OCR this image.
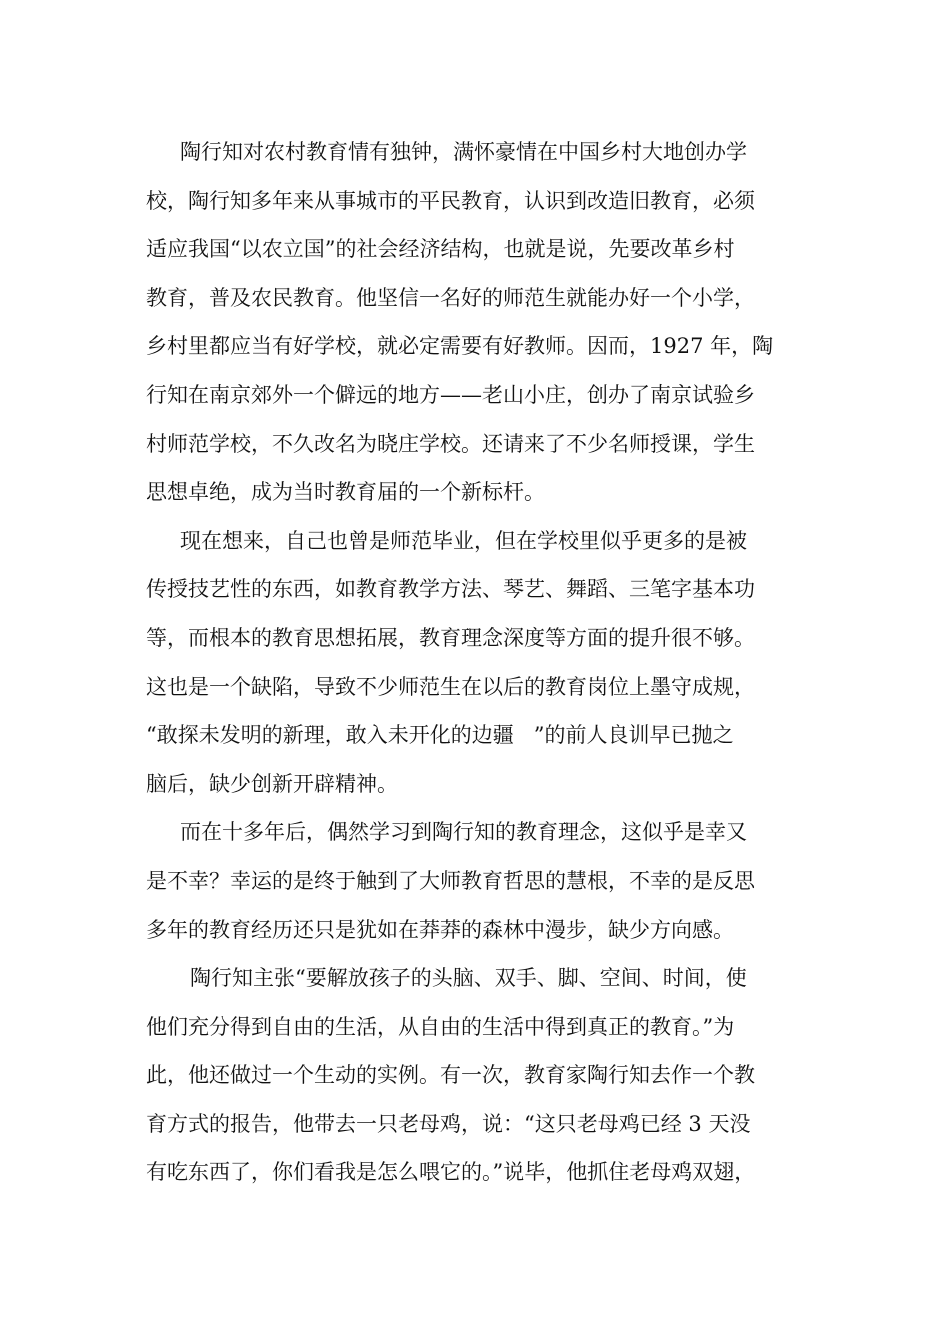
陶行知对农村教育情有独钟，满怀豪情在中国乡村大地创办学

校，陶行知多年来从事城市的平民教育，认识到改造旧教育，必须

适应我国“以农立国”的社会经济结构，也就是说，先要改革乡村

教育，普及农民教育。他坚信一名好的师范生就能办好一个小学，

乡村里都应当有好学校，就必定需要有好教师。因而，1927 年，陶

行知在南京郊外一个僻远的地方——老山小庄，创办了南京试验乡

村师范学校，不久改名为晓庄学校。还请来了不少名师授课，学生

思想卓绝，成为当时教育届的一个新标杆。

现在想来，自己也曾是师范毕业，但在学校里似乎更多的是被

传授技艺性的东西，如教育教学方法、琴艺、舞蹈、三笔字基本功

等，而根本的教育思想拓展，教育理念深度等方面的提升很不够。

这也是一个缺陷，导致不少师范生在以后的教育岗位上墨守成规，

“敢探未发明的新理，敢入未开化的边疆   ”的前人良训早已抛之

脑后，缺少创新开辟精神。

而在十多年后，偶然学习到陶行知的教育理念，这似乎是幸又

是不幸？幸运的是终于触到了大师教育哲思的慧根，不幸的是反思

多年的教育经历还只是犹如在莽莽的森林中漫步，缺少方向感。

陶行知主张“要解放孩子的头脑、双手、脚、空间、时间，使

他们充分得到自由的生活，从自由的生活中得到真正的教育。”为

此，他还做过一个生动的实例。有一次，教育家陶行知去作一个教

育方式的报告，他带去一只老母鸡，说：“这只老母鸡已经 3 天没

有吃东西了，你们看我是怎么喂它的。”说毕，他抓住老母鸡双翅，
